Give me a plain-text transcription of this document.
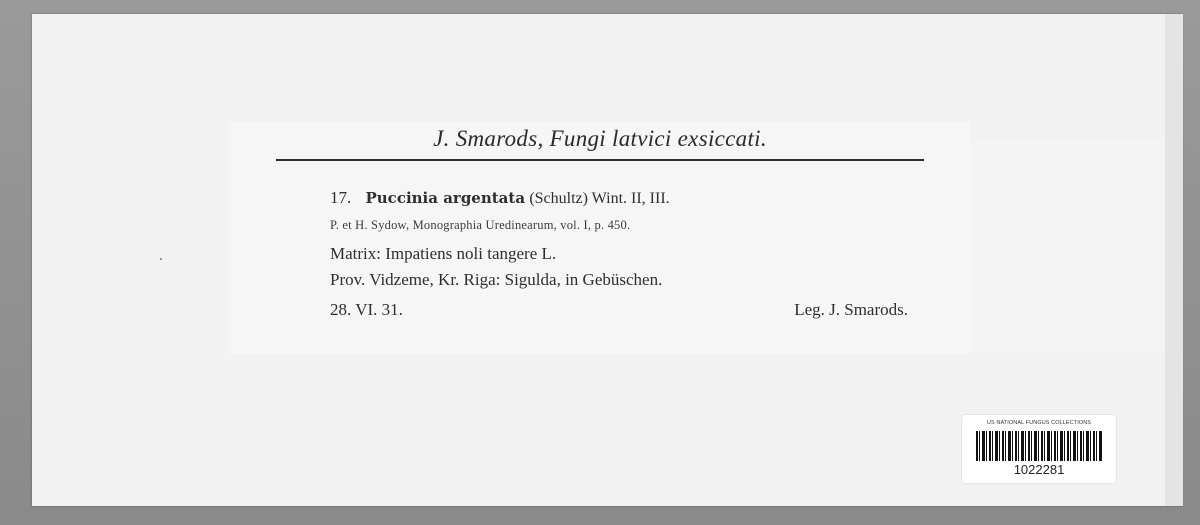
J. Smarods, Fungi latvici exsiccati.
17. Puccinia argentata (Schultz) Wint. II, III.
P. et H. Sydow, Monographia Uredinearum, vol. I, p. 450.
Matrix: Impatiens noli tangere L.
Prov. Vidzeme, Kr. Riga: Sigulda, in Gebüschen.
28. VI. 31.	Leg. J. Smarods.
US NATIONAL FUNGUS COLLECTIONS
1022281
